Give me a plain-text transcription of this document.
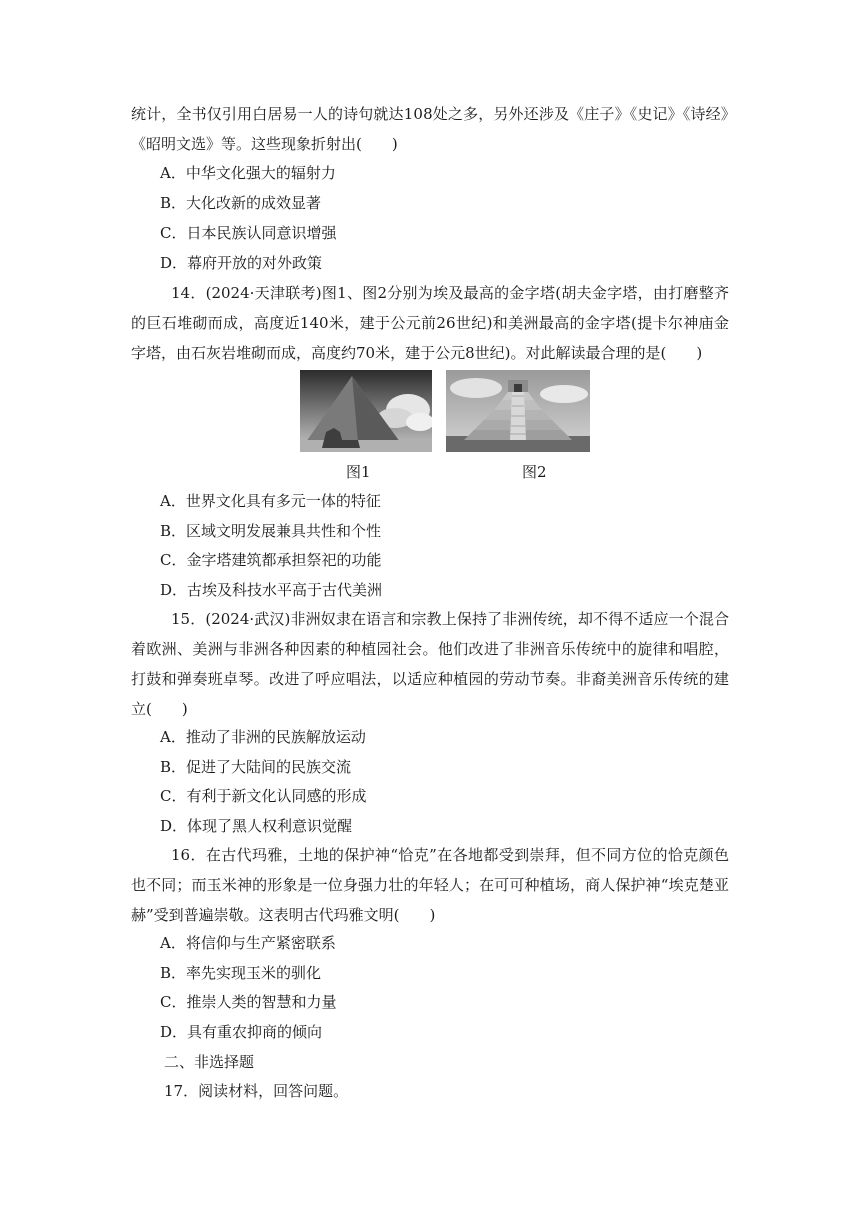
统计，全书仅引用白居易一人的诗句就达108处之多，另外还涉及《庄子》《史记》《诗经》
《昭明文选》等。这些现象折射出(　　)
A．中华文化强大的辐射力
B．大化改新的成效显著
C．日本民族认同意识增强
D．幕府开放的对外政策
14．(2024·天津联考)图1、图2分别为埃及最高的金字塔(胡夫金字塔，由打磨整齐的巨石堆砌而成，高度近140米，建于公元前26世纪)和美洲最高的金字塔(提卡尔神庙金字塔，由石灰岩堆砌而成，高度约70米，建于公元8世纪)。对此解读最合理的是(　　)
图1	图2
A．世界文化具有多元一体的特征
B．区域文明发展兼具共性和个性
C．金字塔建筑都承担祭祀的功能
D．古埃及科技水平高于古代美洲
15．(2024·武汉)非洲奴隶在语言和宗教上保持了非洲传统，却不得不适应一个混合着欧洲、美洲与非洲各种因素的种植园社会。他们改进了非洲音乐传统中的旋律和唱腔，打鼓和弹奏班卓琴。改进了呼应唱法，以适应种植园的劳动节奏。非裔美洲音乐传统的建立(　　)
A．推动了非洲的民族解放运动
B．促进了大陆间的民族交流
C．有利于新文化认同感的形成
D．体现了黑人权利意识觉醒
16．在古代玛雅，土地的保护神“恰克”在各地都受到崇拜，但不同方位的恰克颜色也不同；而玉米神的形象是一位身强力壮的年轻人；在可可种植场，商人保护神“埃克楚亚赫”受到普遍崇敬。这表明古代玛雅文明(　　)
A．将信仰与生产紧密联系
B．率先实现玉米的驯化
C．推崇人类的智慧和力量
D．具有重农抑商的倾向
二、非选择题
17．阅读材料，回答问题。
